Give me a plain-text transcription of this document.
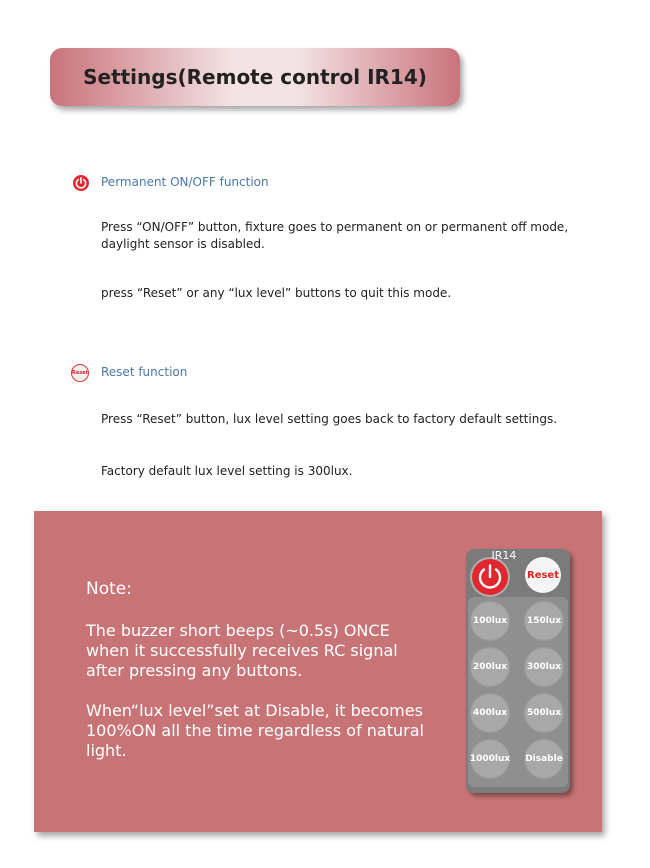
Settings(Remote control IR14)
Permanent ON/OFF function
Press “ON/OFF” button, fixture goes to permanent on or permanent off mode, daylight sensor is disabled.
press “Reset” or any “lux level” buttons to quit this mode.
Reset Reset function
Press “Reset” button, lux level setting goes back to factory default settings.
Factory default lux level setting is 300lux.
Note:
The buzzer short beeps (~0.5s) ONCE when it successfully receives RC signal after pressing any buttons.
When“lux level”set at Disable, it becomes 100%ON all the time regardless of natural light.
IR14
Reset
100lux	150lux
200lux	300lux
400lux	500lux
1000lux Disable
